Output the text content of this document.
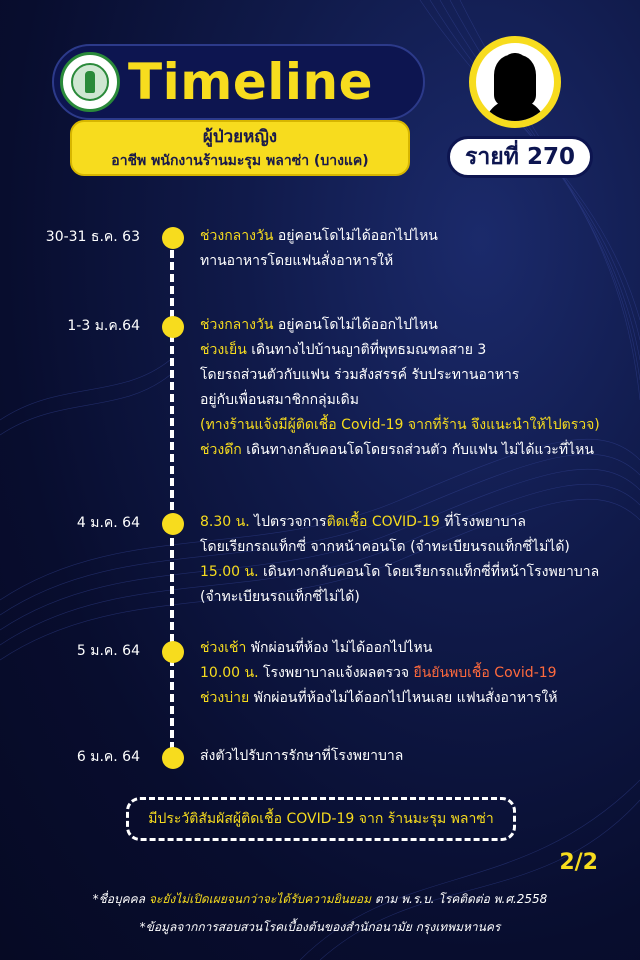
Timeline
ผู้ป่วยหญิง
อาชีพ พนักงานร้านมะรุม พลาซ่า (บางแค)	รายที่ 270
30-31 ธ.ค. 63	ช่วงกลางวัน อยู่คอนโดไม่ได้ออกไปไหน
ทานอาหารโดยแฟนสั่งอาหารให้
1-3 ม.ค.64	ช่วงกลางวัน อยู่คอนโดไม่ได้ออกไปไหน
ช่วงเย็น เดินทางไปบ้านญาติที่พุทธมณฑลสาย 3
โดยรถส่วนตัวกับแฟน ร่วมสังสรรค์ รับประทานอาหาร
อยู่กับเพื่อนสมาชิกกลุ่มเดิม
(ทางร้านแจ้งมีผู้ติดเชื้อ Covid-19 จากที่ร้าน จึงแนะนำให้ไปตรวจ)
ช่วงดึก เดินทางกลับคอนโดโดยรถส่วนตัว กับแฟน ไม่ได้แวะที่ไหน
4 ม.ค. 64	8.30 น. ไปตรวจการติดเชื้อ COVID-19 ที่โรงพยาบาล
โดยเรียกรถแท็กซี่ จากหน้าคอนโด (จำทะเบียนรถแท็กซี่ไม่ได้)
15.00 น. เดินทางกลับคอนโด โดยเรียกรถแท็กซี่ที่หน้าโรงพยาบาล
(จำทะเบียนรถแท็กซี่ไม่ได้)
5 ม.ค. 64	ช่วงเช้า พักผ่อนที่ห้อง ไม่ได้ออกไปไหน
10.00 น. โรงพยาบาลแจ้งผลตรวจ ยืนยันพบเชื้อ Covid-19
ช่วงบ่าย พักผ่อนที่ห้องไม่ได้ออกไปไหนเลย แฟนสั่งอาหารให้
6 ม.ค. 64	ส่งตัวไปรับการรักษาที่โรงพยาบาล
มีประวัติสัมผัสผู้ติดเชื้อ COVID-19 จาก ร้านมะรุม พลาซ่า
2/2
*ชื่อบุคคล จะยังไม่เปิดเผยจนกว่าจะได้รับความยินยอม ตาม พ.ร.บ. โรคติดต่อ พ.ศ.2558
*ข้อมูลจากการสอบสวนโรคเบื้องต้นของสำนักอนามัย กรุงเทพมหานคร
